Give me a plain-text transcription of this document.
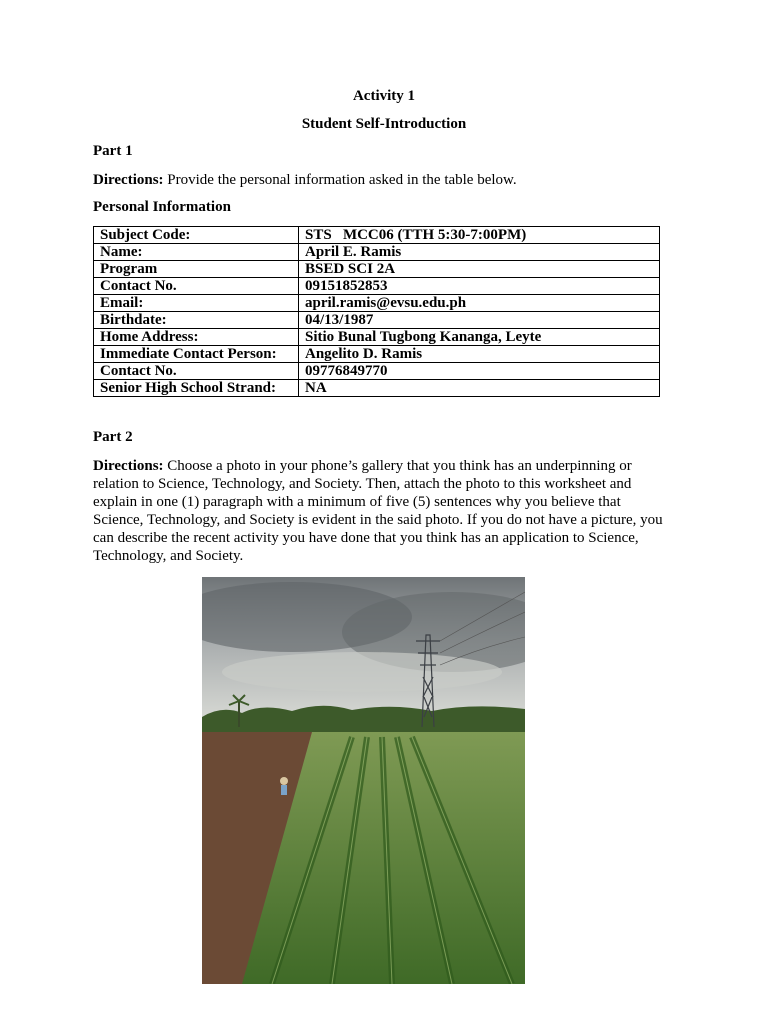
Activity 1
Student Self-Introduction
Part 1
Directions: Provide the personal information asked in the table below.
Personal Information
Subject Code:	STS   MCC06 (TTH 5:30-7:00PM)
Name:	April E. Ramis
Program	BSED SCI 2A
Contact No.	09151852853
Email:	april.ramis@evsu.edu.ph
Birthdate:	04/13/1987
Home Address:	Sitio Bunal Tugbong Kananga, Leyte
Immediate Contact Person:	Angelito D. Ramis
Contact No.	09776849770
Senior High School Strand:	NA
Part 2
Directions: Choose a photo in your phone’s gallery that you think has an underpinning or relation to Science, Technology, and Society. Then, attach the photo to this worksheet and explain in one (1) paragraph with a minimum of five (5) sentences why you believe that Science, Technology, and Society is evident in the said photo. If you do not have a picture, you can describe the recent activity you have done that you think has an application to Science, Technology, and Society.
